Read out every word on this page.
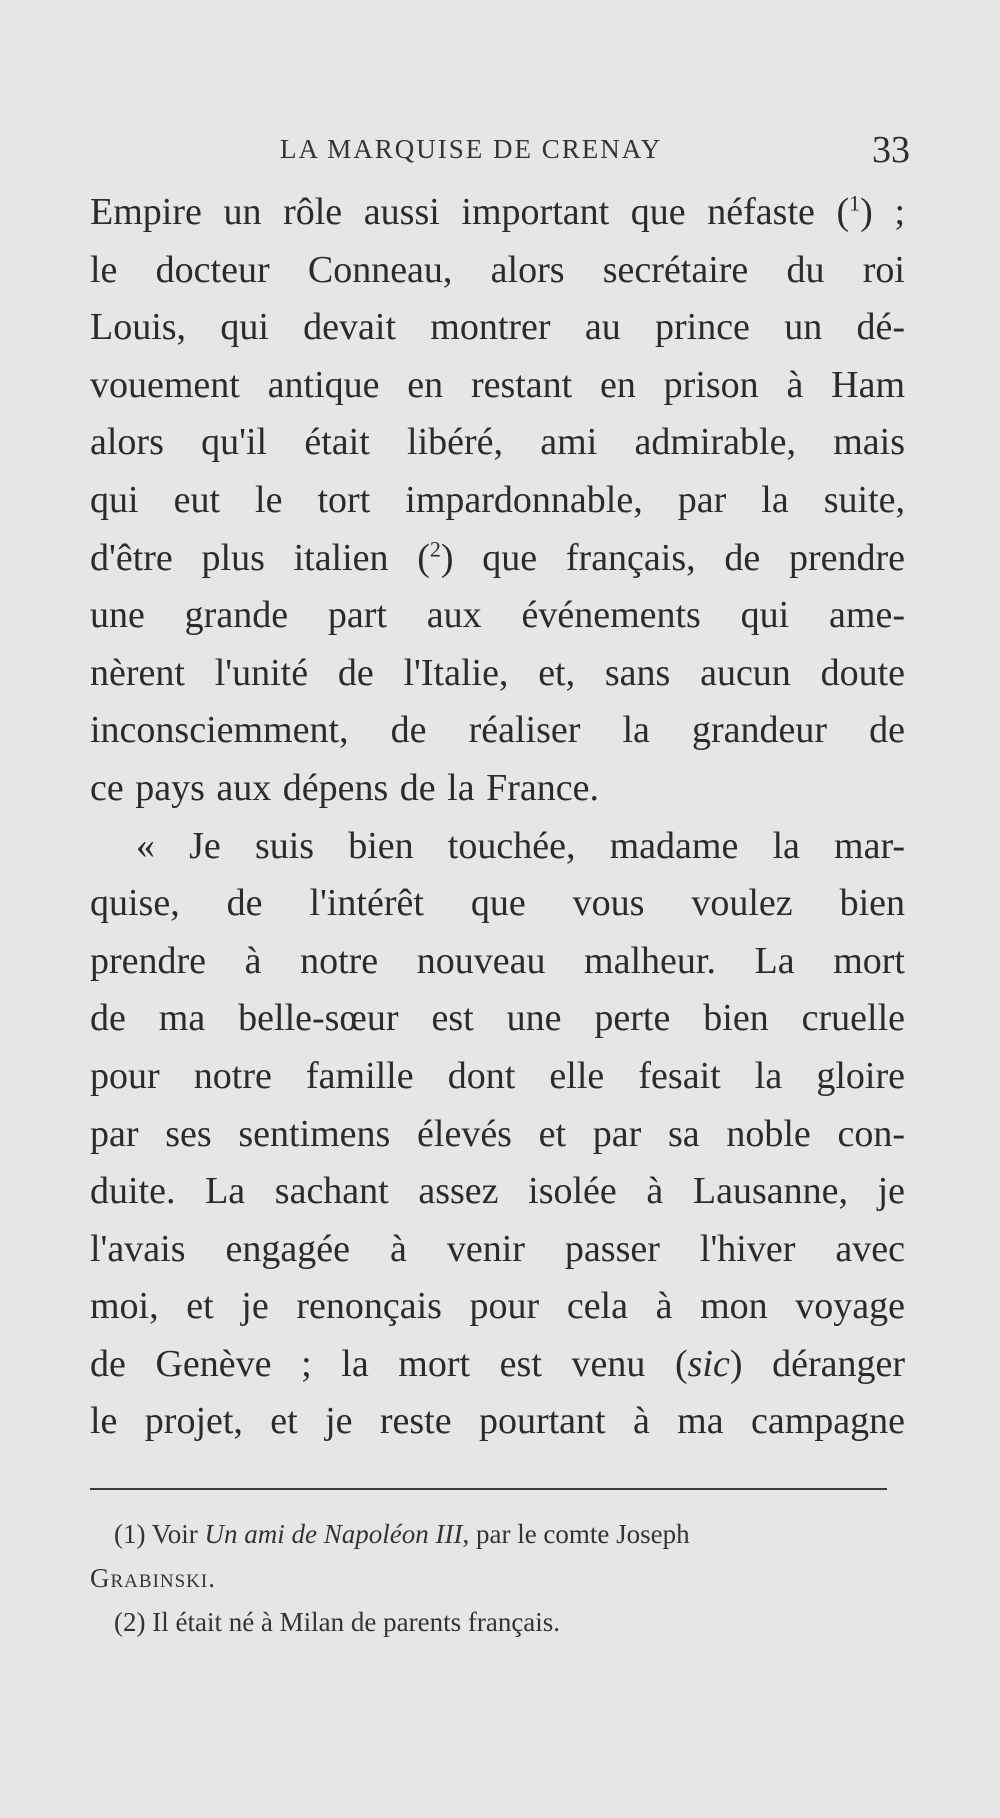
LA MARQUISE DE CRENAY	33
Empire un rôle aussi important que néfaste ($^1$) ;
le docteur Conneau, alors secrétaire du roi
Louis, qui devait montrer au prince un dé-
vouement antique en restant en prison à Ham
alors qu'il était libéré, ami admirable, mais
qui eut le tort impardonnable, par la suite,
d'être plus italien ($^2$) que français, de prendre
une grande part aux événements qui ame-
nèrent l'unité de l'Italie, et, sans aucun doute
inconsciemment, de réaliser la grandeur de
ce pays aux dépens de la France.
« Je suis bien touchée, madame la mar-
quise, de l'intérêt que vous voulez bien
prendre à notre nouveau malheur. La mort
de ma belle-sœur est une perte bien cruelle
pour notre famille dont elle fesait la gloire
par ses sentimens élevés et par sa noble con-
duite. La sachant assez isolée à Lausanne, je
l'avais engagée à venir passer l'hiver avec
moi, et je renonçais pour cela à mon voyage
de Genève ; la mort est venu (sic) déranger
le projet, et je reste pourtant à ma campagne
(1) Voir Un ami de Napoléon III, par le comte Joseph
Grabinski.
(2) Il était né à Milan de parents français.
